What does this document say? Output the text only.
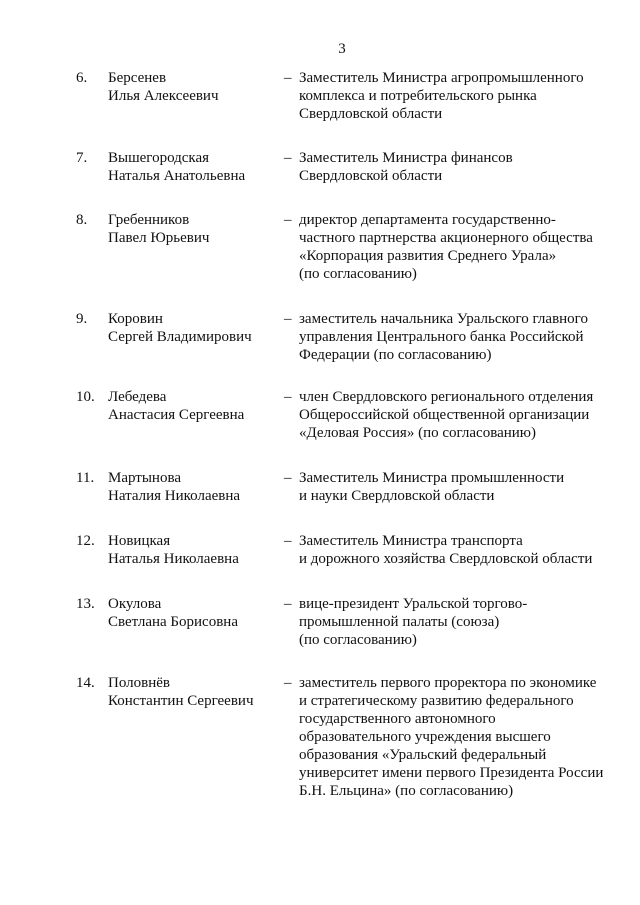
3
6.	Берсенев
Илья Алексеевич
– Заместитель Министра агропромышленного
комплекса и потребительского рынка
Свердловской области
7.	Вышегородская
Наталья Анатольевна
– Заместитель Министра финансов
Свердловской области
8.	Гребенников
Павел Юрьевич
– директор департамента государственно-
частного партнерства акционерного общества
«Корпорация развития Среднего Урала»
(по согласованию)
9.	Коровин
Сергей Владимирович
– заместитель начальника Уральского главного
управления Центрального банка Российской
Федерации (по согласованию)
10. Лебедева
Анастасия Сергеевна
– член Свердловского регионального отделения
Общероссийской общественной организации
«Деловая Россия» (по согласованию)
11. Мартынова
Наталия Николаевна
– Заместитель Министра промышленности
и науки Свердловской области
12. Новицкая
Наталья Николаевна
– Заместитель Министра транспорта
и дорожного хозяйства Свердловской области
13. Окулова
Светлана Борисовна
– вице-президент Уральской торгово-
промышленной палаты (союза)
(по согласованию)
14. Половнёв
Константин Сергеевич
– заместитель первого проректора по экономике
и стратегическому развитию федерального
государственного автономного
образовательного учреждения высшего
образования «Уральский федеральный
университет имени первого Президента России
Б.Н. Ельцина» (по согласованию)
